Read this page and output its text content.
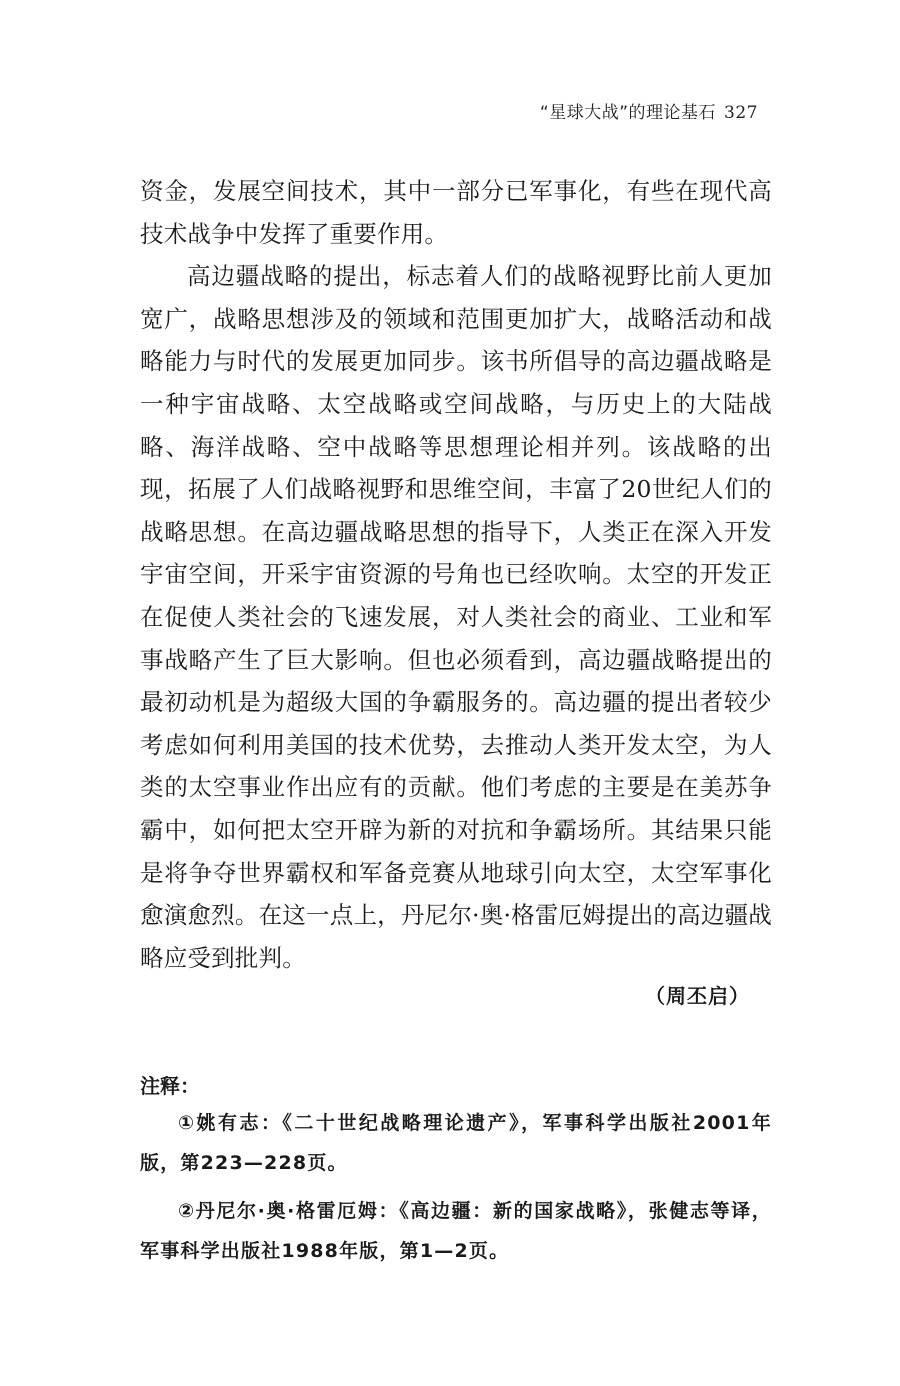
“星球大战”的理论基石 327

资金，发展空间技术，其中一部分已军事化，有些在现代高技术战争中发挥了重要作用。

高边疆战略的提出，标志着人们的战略视野比前人更加宽广，战略思想涉及的领域和范围更加扩大，战略活动和战略能力与时代的发展更加同步。该书所倡导的高边疆战略是一种宇宙战略、太空战略或空间战略，与历史上的大陆战略、海洋战略、空中战略等思想理论相并列。该战略的出现，拓展了人们战略视野和思维空间，丰富了20世纪人们的战略思想。在高边疆战略思想的指导下，人类正在深入开发宇宙空间，开采宇宙资源的号角也已经吹响。太空的开发正在促使人类社会的飞速发展，对人类社会的商业、工业和军事战略产生了巨大影响。但也必须看到，高边疆战略提出的最初动机是为超级大国的争霸服务的。高边疆的提出者较少考虑如何利用美国的技术优势，去推动人类开发太空，为人类的太空事业作出应有的贡献。他们考虑的主要是在美苏争霸中，如何把太空开辟为新的对抗和争霸场所。其结果只能是将争夺世界霸权和军备竞赛从地球引向太空，太空军事化愈演愈烈。在这一点上，丹尼尔·奥·格雷厄姆提出的高边疆战略应受到批判。

（周丕启）
注释：

①姚有志：《二十世纪战略理论遗产》，军事科学出版社2001年版，第223—228页。

②丹尼尔·奥·格雷厄姆：《高边疆：新的国家战略》，张健志等译，军事科学出版社1988年版，第1—2页。
